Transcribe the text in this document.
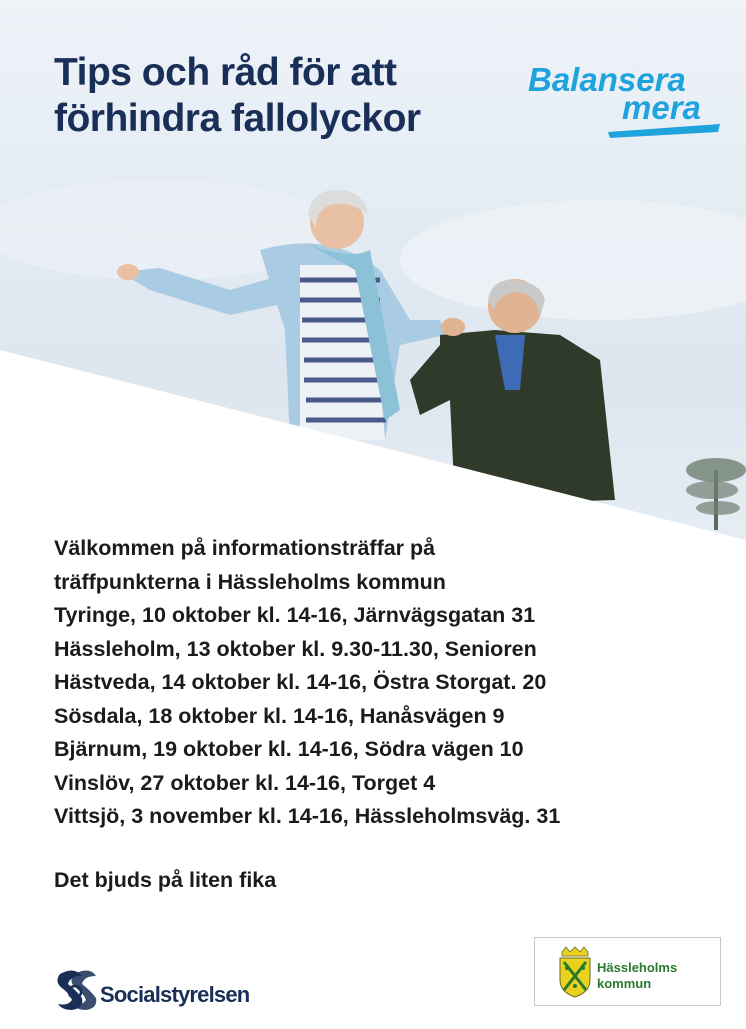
Tips och råd för att
förhindra fallolyckor
Balansera
mera
Välkommen på informationsträffar på
träffpunkterna i Hässleholms kommun
Tyringe, 10 oktober kl. 14-16, Järnvägsgatan 31
Hässleholm, 13 oktober kl. 9.30-11.30, Senioren
Hästveda, 14 oktober kl. 14-16, Östra Storgat. 20
Sösdala, 18 oktober kl. 14-16, Hanåsvägen 9
Bjärnum, 19 oktober kl. 14-16, Södra vägen 10
Vinslöv, 27 oktober kl. 14-16, Torget 4
Vittsjö, 3 november kl. 14-16, Hässleholmsväg. 31
Det bjuds på liten fika
Socialstyrelsen
Hässleholms
kommun
